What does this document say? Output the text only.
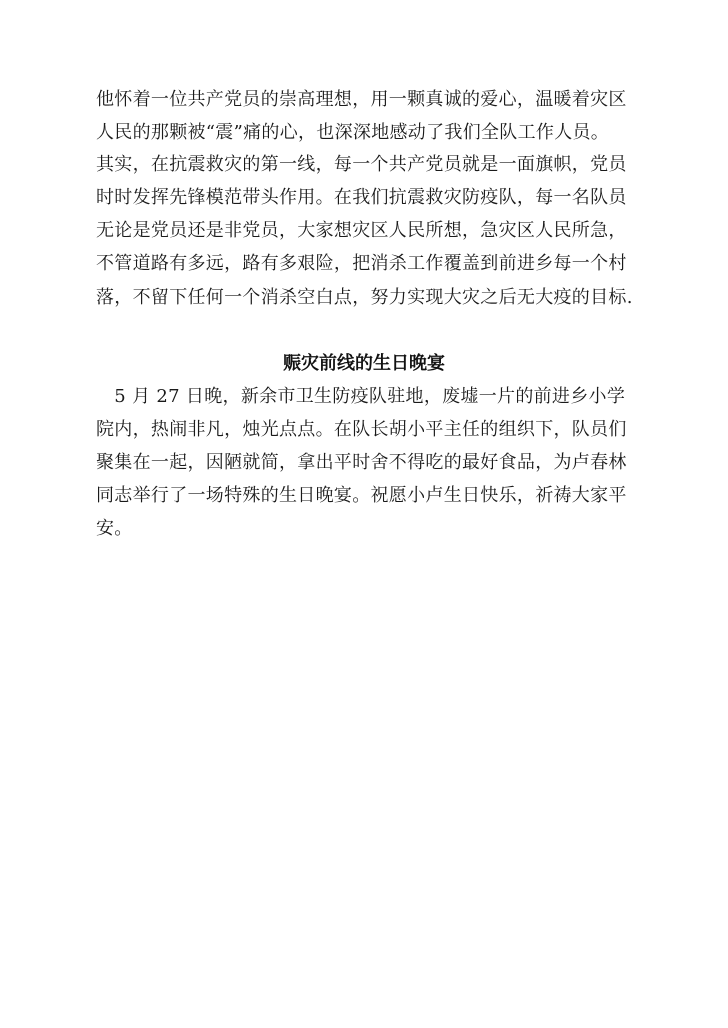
他怀着一位共产党员的崇高理想，用一颗真诚的爱心，温暖着灾区
人民的那颗被“震”痛的心，也深深地感动了我们全队工作人员。
其实，在抗震救灾的第一线，每一个共产党员就是一面旗帜，党员
时时发挥先锋模范带头作用。在我们抗震救灾防疫队，每一名队员
无论是党员还是非党员，大家想灾区人民所想，急灾区人民所急，
不管道路有多远，路有多艰险，把消杀工作覆盖到前进乡每一个村
落，不留下任何一个消杀空白点，努力实现大灾之后无大疫的目标.
赈灾前线的生日晚宴
　5 月 27 日晚，新余市卫生防疫队驻地，废墟一片的前进乡小学
院内，热闹非凡，烛光点点。在队长胡小平主任的组织下，队员们
聚集在一起，因陋就简，拿出平时舍不得吃的最好食品，为卢春林
同志举行了一场特殊的生日晚宴。祝愿小卢生日快乐，祈祷大家平
安。
